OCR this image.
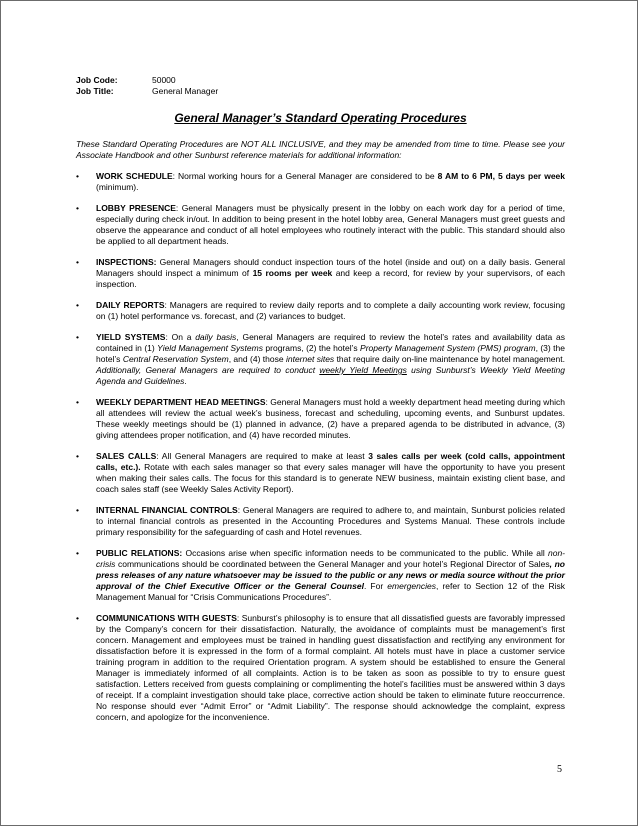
Job Code:	50000
Job Title:	General Manager
General Manager’s Standard Operating Procedures

These Standard Operating Procedures are NOT ALL INCLUSIVE, and they may be amended from time to time. Please see your Associate Handbook and other Sunburst reference materials for additional information:

• WORK SCHEDULE: Normal working hours for a General Manager are considered to be 8 AM to 6 PM, 5 days per week (minimum).
• LOBBY PRESENCE: General Managers must be physically present in the lobby on each work day for a period of time, especially during check in/out. In addition to being present in the hotel lobby area, General Managers must greet guests and observe the appearance and conduct of all hotel employees who routinely interact with the public. This standard should also be applied to all department heads.
• INSPECTIONS: General Managers should conduct inspection tours of the hotel (inside and out) on a daily basis. General Managers should inspect a minimum of 15 rooms per week and keep a record, for review by your supervisors, of each inspection.
• DAILY REPORTS: Managers are required to review daily reports and to complete a daily accounting work review, focusing on (1) hotel performance vs. forecast, and (2) variances to budget.
• YIELD SYSTEMS: On a daily basis, General Managers are required to review the hotel’s rates and availability data as contained in (1) Yield Management Systems programs, (2) the hotel’s Property Management System (PMS) program, (3) the hotel’s Central Reservation System, and (4) those internet sites that require daily on-line maintenance by hotel management. Additionally, General Managers are required to conduct weekly Yield Meetings using Sunburst’s Weekly Yield Meeting Agenda and Guidelines.
• WEEKLY DEPARTMENT HEAD MEETINGS: General Managers must hold a weekly department head meeting during which all attendees will review the actual week’s business, forecast and scheduling, upcoming events, and Sunburst updates. These weekly meetings should be (1) planned in advance, (2) have a prepared agenda to be distributed in advance, (3) giving attendees proper notification, and (4) have recorded minutes.
• SALES CALLS: All General Managers are required to make at least 3 sales calls per week (cold calls, appointment calls, etc.). Rotate with each sales manager so that every sales manager will have the opportunity to have you present when making their sales calls. The focus for this standard is to generate NEW business, maintain existing client base, and coach sales staff (see Weekly Sales Activity Report).
• INTERNAL FINANCIAL CONTROLS: General Managers are required to adhere to, and maintain, Sunburst policies related to internal financial controls as presented in the Accounting Procedures and Systems Manual. These controls include primary responsibility for the safeguarding of cash and Hotel revenues.
• PUBLIC RELATIONS: Occasions arise when specific information needs to be communicated to the public. While all non-crisis communications should be coordinated between the General Manager and your hotel’s Regional Director of Sales, no press releases of any nature whatsoever may be issued to the public or any news or media source without the prior approval of the Chief Executive Officer or the General Counsel. For emergencies, refer to Section 12 of the Risk Management Manual for “Crisis Communications Procedures”.
• COMMUNICATIONS WITH GUESTS: Sunburst’s philosophy is to ensure that all dissatisfied guests are favorably impressed by the Company’s concern for their dissatisfaction. Naturally, the avoidance of complaints must be management’s first concern. Management and employees must be trained in handling guest dissatisfaction and rectifying any environment for dissatisfaction before it is expressed in the form of a formal complaint. All hotels must have in place a customer service training program in addition to the required Orientation program. A system should be established to ensure the General Manager is immediately informed of all complaints. Action is to be taken as soon as possible to try to ensure guest satisfaction. Letters received from guests complaining or complimenting the hotel’s facilities must be answered within 3 days of receipt. If a complaint investigation should take place, corrective action should be taken to eliminate future reoccurrence. No response should ever “Admit Error” or “Admit Liability”. The response should acknowledge the complaint, express concern, and apologize for the inconvenience.
5
